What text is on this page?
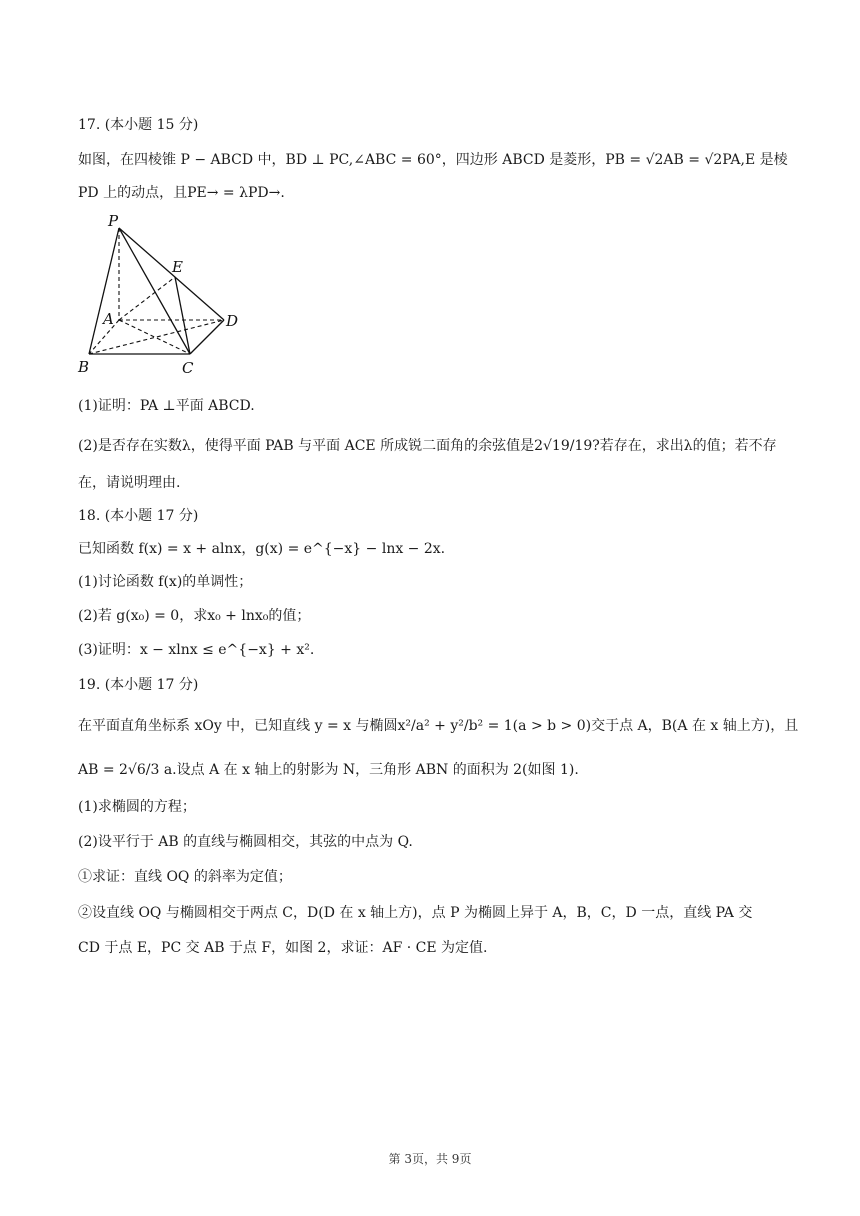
17. (本小题 15 分)
如图，在四棱锥 P − ABCD 中，BD ⊥ PC,∠ABC = 60°，四边形 ABCD 是菱形，PB = √2AB = √2PA,E 是棱
PD 上的动点，且PE→ = λPD→.
(1)证明：PA ⊥平面 ABCD.
(2)是否存在实数λ，使得平面 PAB 与平面 ACE 所成锐二面角的余弦值是2√19/19?若存在，求出λ的值；若不存
在，请说明理由.
18. (本小题 17 分)
已知函数 f(x) = x + alnx，g(x) = e^{−x} − lnx − 2x.
(1)讨论函数 f(x)的单调性；
(2)若 g(x₀) = 0，求x₀ + lnx₀的值；
(3)证明：x − xlnx ≤ e^{−x} + x².
19. (本小题 17 分)
在平面直角坐标系 xOy 中，已知直线 y = x 与椭圆x²/a² + y²/b² = 1(a > b > 0)交于点 A，B(A 在 x 轴上方)，且
AB = 2√6/3 a.设点 A 在 x 轴上的射影为 N，三角形 ABN 的面积为 2(如图 1).
(1)求椭圆的方程；
(2)设平行于 AB 的直线与椭圆相交，其弦的中点为 Q.
①求证：直线 OQ 的斜率为定值；
②设直线 OQ 与椭圆相交于两点 C，D(D 在 x 轴上方)，点 P 为椭圆上异于 A，B，C，D 一点，直线 PA 交
CD 于点 E，PC 交 AB 于点 F，如图 2，求证：AF · CE 为定值.
P
E
A	D
B	C
第 3页，共 9页
